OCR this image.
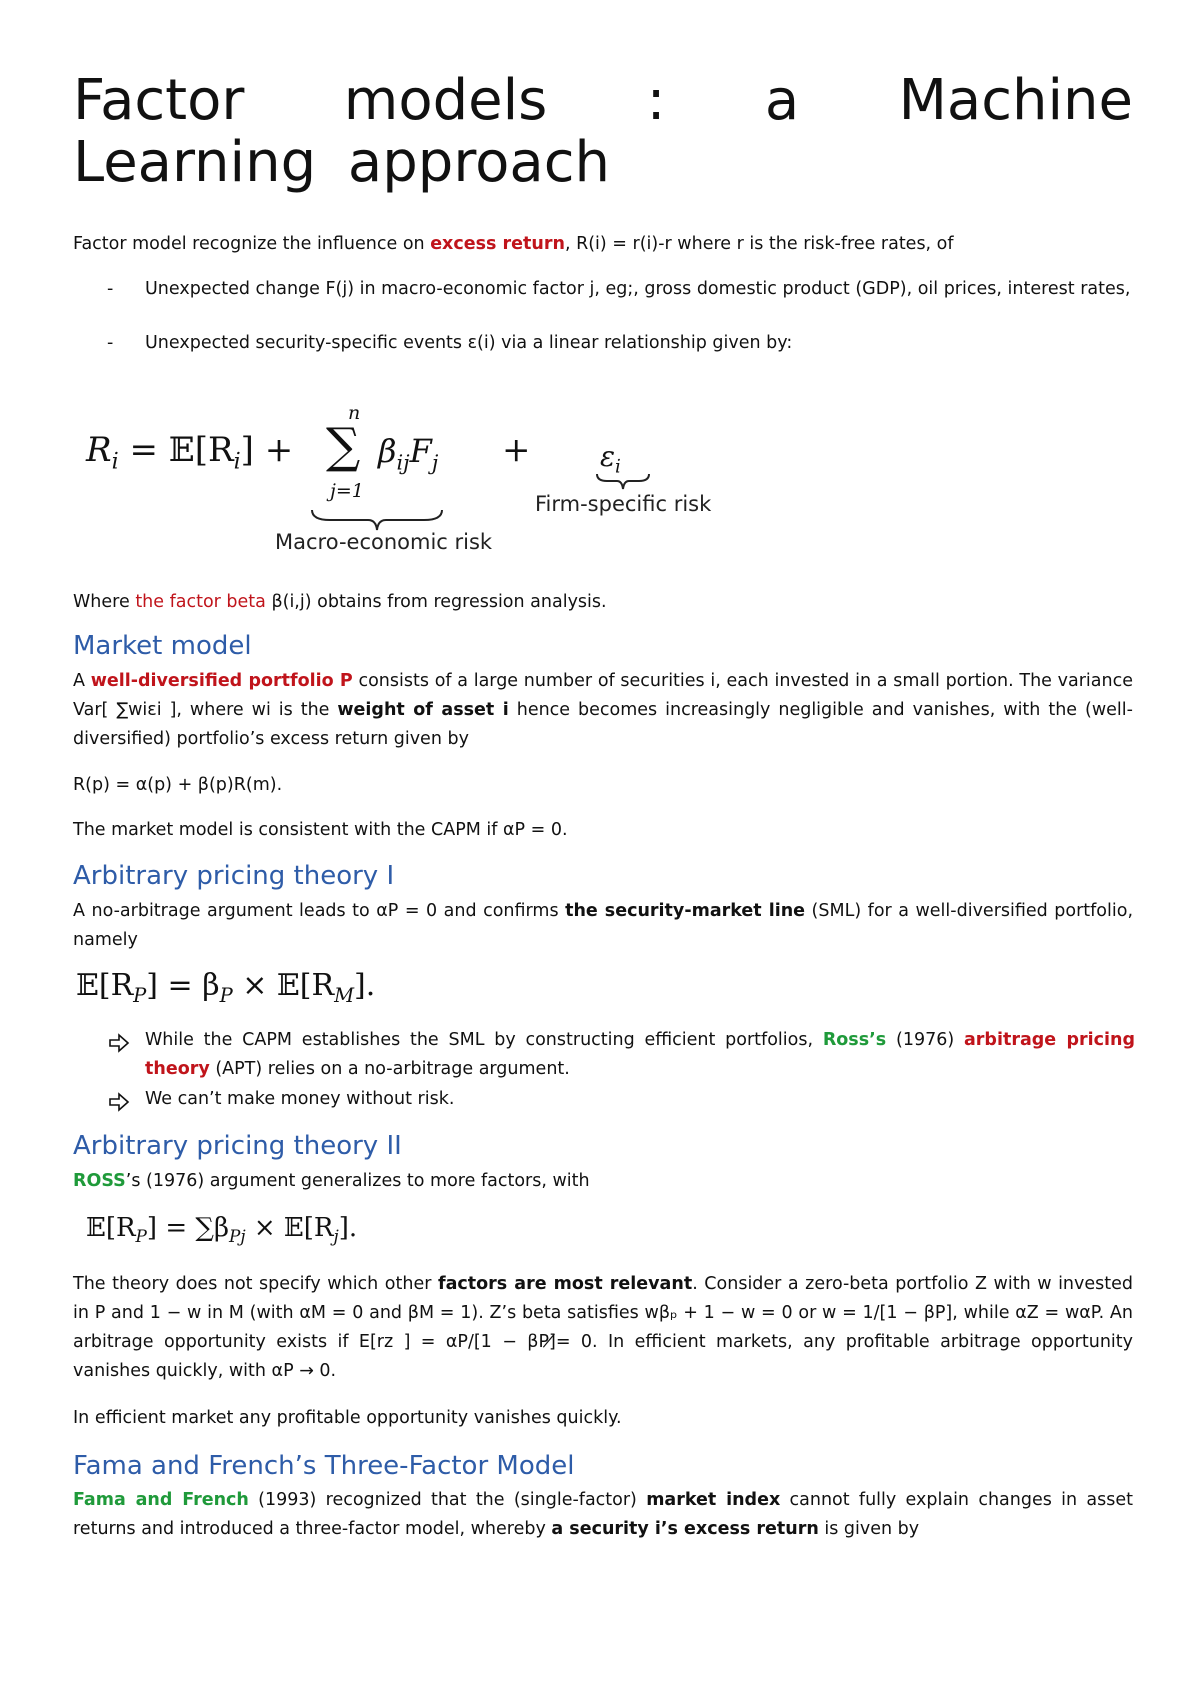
Factor models : a Machine Learning approach
Factor model recognize the influence on excess return, R(i) = r(i)-r where r is the risk-free rates, of
- Unexpected change F(j) in macro-economic factor j, eg;, gross domestic product (GDP), oil prices, interest rates,
- Unexpected security-specific events ε(i) via a linear relationship given by:
$R_i$ = $𝔼[R_i]$ +
n
∑
j=1
$\beta_{ij}F_j$
Macro-economic risk
+ $\varepsilon_i$
Firm-specific risk
Where the factor beta β(i,j) obtains from regression analysis.
Market model
A well-diversified portfolio P consists of a large number of securities i, each invested in a small portion. The variance Var[ ∑wiεi ], where wi is the weight of asset i hence becomes increasingly negligible and vanishes, with the (well-diversified) portfolio’s excess return given by
R(p) = α(p) + β(p)R(m).
The market model is consistent with the CAPM if αP = 0.
Arbitrary pricing theory I
A no-arbitrage argument leads to αP = 0 and confirms the security-market line (SML) for a well-diversified portfolio, namely
$𝔼[R_P] = \beta_P$ × $𝔼[R_M]$.
While the CAPM establishes the SML by constructing efficient portfolios, Ross’s (1976) arbitrage pricing theory (APT) relies on a no-arbitrage argument.
We can’t make money without risk.
Arbitrary pricing theory II
ROSS’s (1976) argument generalizes to more factors, with
$𝔼[R_P] = \sum\beta_{Pj}$ × $𝔼[R_j]$.
The theory does not specify which other factors are most relevant. Consider a zero-beta portfolio Z with w invested in P and 1 − w in M (with αM = 0 and βM = 1). Z’s beta satisfies wβₚ + 1 − w = 0 or w = 1/[1 − βP], while αZ = wαP. An arbitrage opportunity exists if E[rᴢ ] = αP/[1 − βP]̸= 0. In efficient markets, any profitable arbitrage opportunity vanishes quickly, with αP → 0.
In efficient market any profitable opportunity vanishes quickly.
Fama and French’s Three-Factor Model
Fama and French (1993) recognized that the (single-factor) market index cannot fully explain changes in asset returns and introduced a three-factor model, whereby a security i’s excess return is given by
